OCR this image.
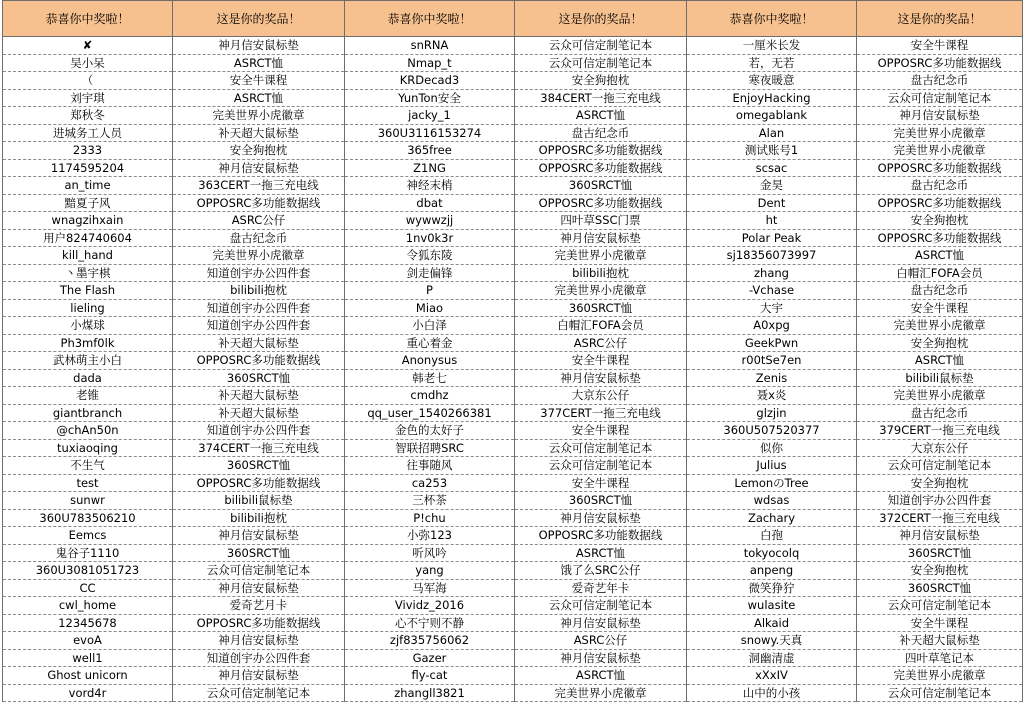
恭喜你中奖啦！	这是你的奖品！	恭喜你中奖啦！	这是你的奖品！	恭喜你中奖啦！	这是你的奖品！
✘	神月信安鼠标垫	snRNA	云众可信定制笔记本	一厘米长发	安全牛课程
吴小呆	ASRCT恤	Nmap_t	云众可信定制笔记本	若，无若	OPPOSRC多功能数据线
（	安全牛课程	KRDecad3	安全狗抱枕	寒夜暖意	盘古纪念币
刘宇琪	ASRCT恤	YunTon安全	384CERT一拖三充电线	EnjoyHacking	云众可信定制笔记本
郑秋冬	完美世界小虎徽章	jacky_1	ASRCT恤	omegablank	神月信安鼠标垫
进城务工人员	补天超大鼠标垫	360U3116153274	盘古纪念币	Alan	完美世界小虎徽章
2333	安全狗抱枕	365free	OPPOSRC多功能数据线	测试账号1	完美世界小虎徽章
1174595204	神月信安鼠标垫	Z1NG	OPPOSRC多功能数据线	scsac	OPPOSRC多功能数据线
an_time	363CERT一拖三充电线	神经末梢	360SRCT恤	金昊	盘古纪念币
黯夏子风	OPPOSRC多功能数据线	dbat	OPPOSRC多功能数据线	Dent	OPPOSRC多功能数据线
wnagzihxain	ASRC公仔	wywwzjj	四叶草SSC门票	ht	安全狗抱枕
用户824740604	盘古纪念币	1nv0k3r	神月信安鼠标垫	Polar Peak	OPPOSRC多功能数据线
kill_hand	完美世界小虎徽章	令狐东陵	完美世界小虎徽章	sj18356073997	ASRCT恤
丶墨宇棋	知道创宇办公四件套	剑走偏锋	bilibili抱枕	zhang	白帽汇FOFA会员
The Flash	bilibili抱枕	P	完美世界小虎徽章	-Vchase	盘古纪念币
lieling	知道创宇办公四件套	Miao	360SRCT恤	大宇	安全牛课程
小煤球	知道创宇办公四件套	小白泽	白帽汇FOFA会员	A0xpg	完美世界小虎徽章
Ph3mf0lk	补天超大鼠标垫	重心着金	ASRC公仔	GeekPwn	安全狗抱枕
武林萌主小白	OPPOSRC多功能数据线	Anonysus	安全牛课程	r00tSe7en	ASRCT恤
dada	360SRCT恤	韩老七	神月信安鼠标垫	Zenis	bilibili鼠标垫
老锥	补天超大鼠标垫	cmdhz	大京东公仔	聂x炎	完美世界小虎徽章
giantbranch	补天超大鼠标垫	qq_user_1540266381	377CERT一拖三充电线	glzjin	盘古纪念币
@chAn50n	知道创宇办公四件套	金色的太好子	安全牛课程	360U507520377	379CERT一拖三充电线
tuxiaoqing	374CERT一拖三充电线	智联招聘SRC	云众可信定制笔记本	似你	大京东公仔
不生气	360SRCT恤	往事随风	云众可信定制笔记本	Julius	云众可信定制笔记本
test	OPPOSRC多功能数据线	ca253	安全牛课程	LemonのTree	安全狗抱枕
sunwr	bilibili鼠标垫	三杯茶	360SRCT恤	wdsas	知道创宇办公四件套
360U783506210	bilibili抱枕	P!chu	神月信安鼠标垫	Zachary	372CERT一拖三充电线
Eemcs	神月信安鼠标垫	小弥123	OPPOSRC多功能数据线	白孢	神月信安鼠标垫
鬼谷子1110	360SRCT恤	听风吟	ASRCT恤	tokyocolq	360SRCT恤
360U3081051723	云众可信定制笔记本	yang	饿了么SRC公仔	anpeng	安全狗抱枕
CC	神月信安鼠标垫	马军海	爱奇艺年卡	微笑狰狞	360SRCT恤
cwl_home	爱奇艺月卡	Vividz_2016	云众可信定制笔记本	wulasite	云众可信定制笔记本
12345678	OPPOSRC多功能数据线	心不宁则不静	神月信安鼠标垫	Alkaid	安全牛课程
evoA	神月信安鼠标垫	zjf835756062	ASRC公仔	snowy.天真	补天超大鼠标垫
well1	知道创宇办公四件套	Gazer	神月信安鼠标垫	洞幽清虚	四叶草笔记本
Ghost unicorn	神月信安鼠标垫	fly-cat	ASRCT恤	xXxIV	完美世界小虎徽章
vord4r	云众可信定制笔记本	zhangll3821	完美世界小虎徽章	山中的小孩	云众可信定制笔记本
